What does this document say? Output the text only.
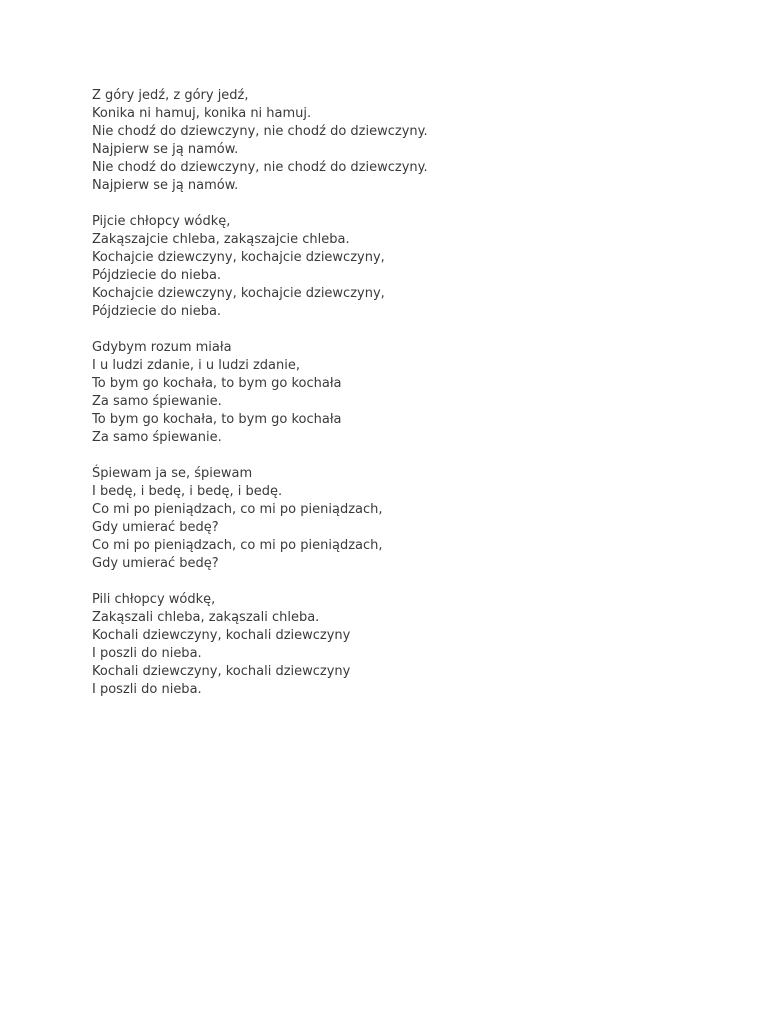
Z góry jedź, z góry jedź,
Konika ni hamuj, konika ni hamuj.
Nie chodź do dziewczyny, nie chodź do dziewczyny.
Najpierw se ją namów.
Nie chodź do dziewczyny, nie chodź do dziewczyny.
Najpierw se ją namów.
Pijcie chłopcy wódkę,
Zakąszajcie chleba, zakąszajcie chleba.
Kochajcie dziewczyny, kochajcie dziewczyny,
Pójdziecie do nieba.
Kochajcie dziewczyny, kochajcie dziewczyny,
Pójdziecie do nieba.
Gdybym rozum miała
I u ludzi zdanie, i u ludzi zdanie,
To bym go kochała, to bym go kochała
Za samo śpiewanie.
To bym go kochała, to bym go kochała
Za samo śpiewanie.
Śpiewam ja se, śpiewam
I bedę, i bedę, i bedę, i bedę.
Co mi po pieniądzach, co mi po pieniądzach,
Gdy umierać bedę?
Co mi po pieniądzach, co mi po pieniądzach,
Gdy umierać bedę?
Pili chłopcy wódkę,
Zakąszali chleba, zakąszali chleba.
Kochali dziewczyny, kochali dziewczyny
I poszli do nieba.
Kochali dziewczyny, kochali dziewczyny
I poszli do nieba.
